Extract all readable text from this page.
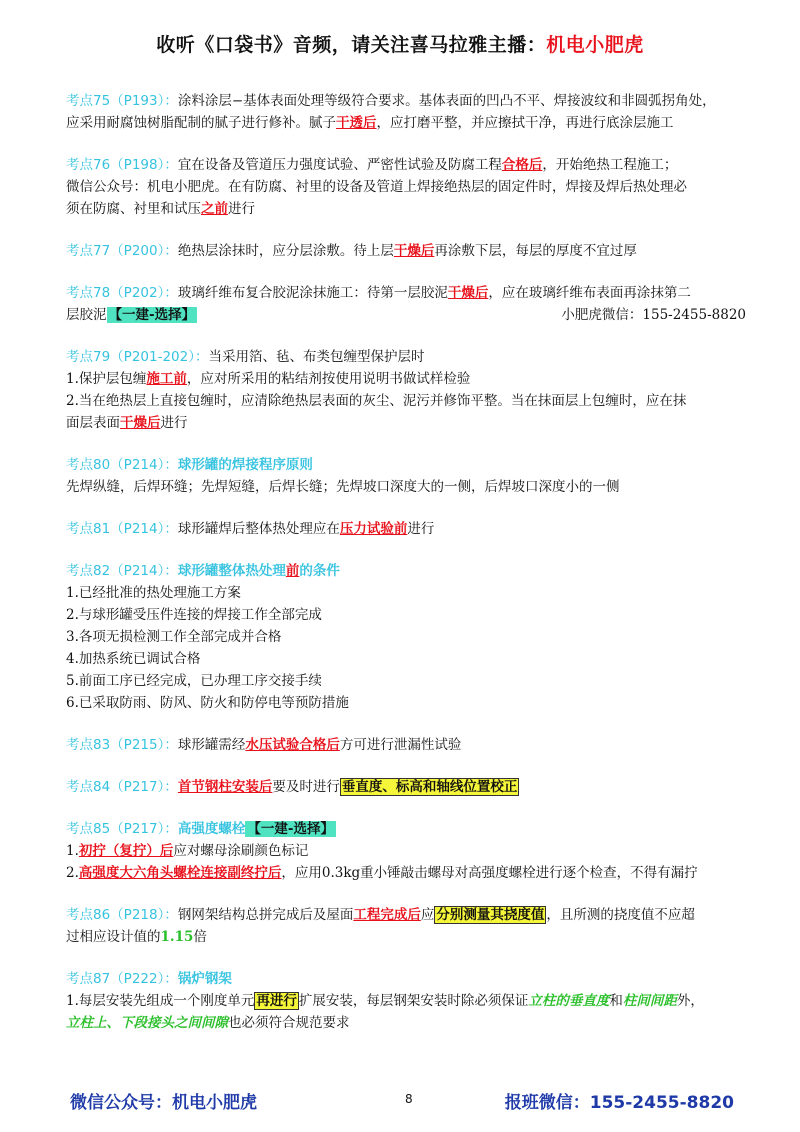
收听《口袋书》音频，请关注喜马拉雅主播：机电小肥虎
考点75（P193）：涂料涂层−基体表面处理等级符合要求。基体表面的凹凸不平、焊接波纹和非圆弧拐角处，
应采用耐腐蚀树脂配制的腻子进行修补。腻子干透后，应打磨平整，并应擦拭干净，再进行底涂层施工
考点76（P198）：宜在设备及管道压力强度试验、严密性试验及防腐工程合格后，开始绝热工程施工；
微信公众号：机电小肥虎。在有防腐、衬里的设备及管道上焊接绝热层的固定件时，焊接及焊后热处理必
须在防腐、衬里和试压之前进行
考点77（P200）：绝热层涂抹时，应分层涂敷。待上层干燥后再涂敷下层，每层的厚度不宜过厚
考点78（P202）：玻璃纤维布复合胶泥涂抹施工：待第一层胶泥干燥后，应在玻璃纤维布表面再涂抹第二
层胶泥 【一建-选择】	小肥虎微信：155-2455-8820
考点79（P201-202）：当采用箔、毡、布类包缠型保护层时
1.保护层包缠施工前，应对所采用的粘结剂按使用说明书做试样检验
2.当在绝热层上直接包缠时，应清除绝热层表面的灰尘、泥污并修饰平整。当在抹面层上包缠时，应在抹
面层表面干燥后进行
考点80（P214）：球形罐的焊接程序原则
先焊纵缝，后焊环缝；先焊短缝，后焊长缝；先焊坡口深度大的一侧，后焊坡口深度小的一侧
考点81（P214）：球形罐焊后整体热处理应在压力试验前进行
考点82（P214）：球形罐整体热处理前的条件
1.已经批准的热处理施工方案
2.与球形罐受压件连接的焊接工作全部完成
3.各项无损检测工作全部完成并合格
4.加热系统已调试合格
5.前面工序已经完成，已办理工序交接手续
6.已采取防雨、防风、防火和防停电等预防措施
考点83（P215）：球形罐需经水压试验合格后方可进行泄漏性试验
考点84（P217）：首节钢柱安装后要及时进行 垂直度、标高和轴线位置校正
考点85（P217）：高强度螺栓 【一建-选择】
1.初拧（复拧）后应对螺母涂刷颜色标记
2.高强度大六角头螺栓连接副终拧后，应用0.3kg重小锤敲击螺母对高强度螺栓进行逐个检查，不得有漏拧
考点86（P218）：钢网架结构总拼完成后及屋面工程完成后应 分别测量其挠度值 ，且所测的挠度值不应超
过相应设计值的1.15倍
考点87（P222）：锅炉钢架
1.每层安装先组成一个刚度单元 再进行 扩展安装，每层钢架安装时除必须保证立柱的垂直度和柱间间距外，
立柱上、下段接头之间间隙也必须符合规范要求
微信公众号：机电小肥虎	8	报班微信：155-2455-8820
